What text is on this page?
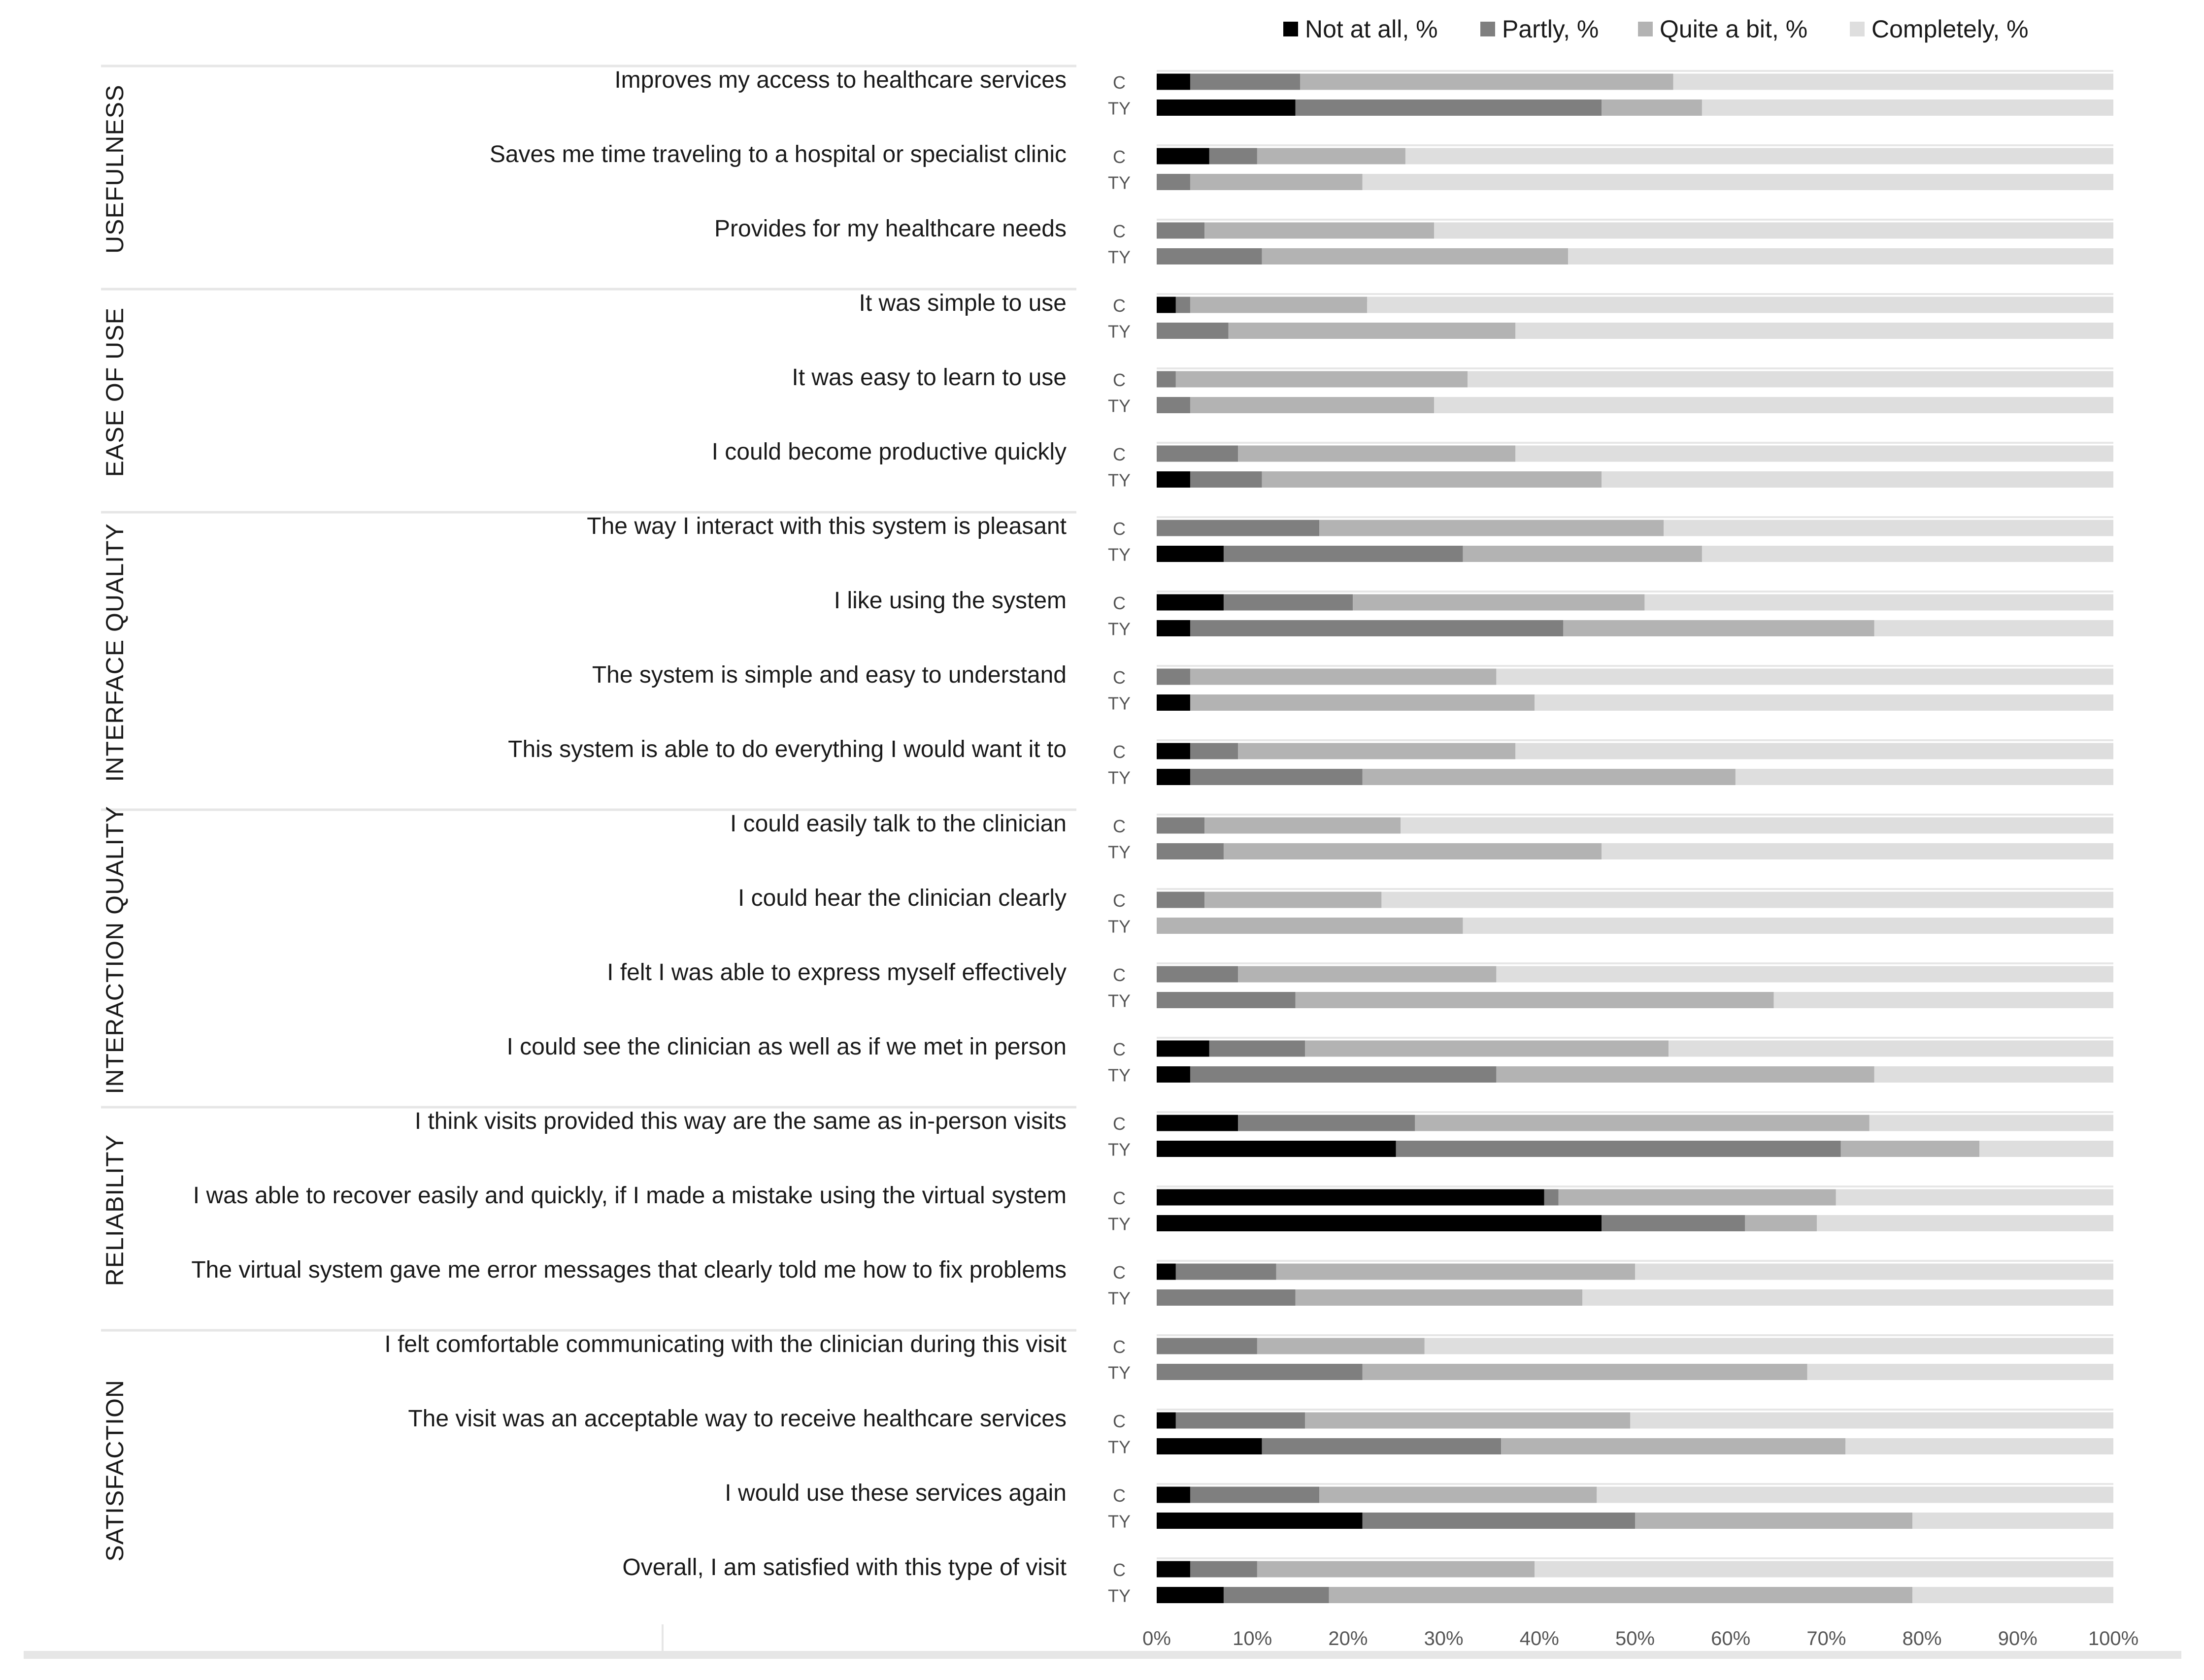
Not at all, %	Partly, % Quite a bit, %	Completely, %
USEFULNESS
EASE OF USE
INTERFACE QUALITY
INTERACTION QUALITY
RELIABILITY
SATISFACTION
Improves my access to healthcare services	C
TY
Saves me time traveling to a hospital or specialist clinic	C
TY
Provides for my healthcare needs	C
TY
It was simple to use	C
TY
It was easy to learn to use	C
TY
I could become productive quickly	C
TY
The way I interact with this system is pleasant	C
TY
I like using the system	C
TY
The system is simple and easy to understand	C
TY
This system is able to do everything I would want it to	C
TY
I could easily talk to the clinician	C
TY
I could hear the clinician clearly	C
TY
I felt I was able to express myself effectively	C
TY
I could see the clinician as well as if we met in person	C
TY
I think visits provided this way are the same as in-person visits	C
TY
I was able to recover easily and quickly, if I made a mistake using the virtual system	C
TY
The virtual system gave me error messages that clearly told me how to fix problems	C
TY
I felt comfortable communicating with the clinician during this visit	C
TY
The visit was an acceptable way to receive healthcare services	C
TY
I would use these services again	C
TY
Overall, I am satisfied with this type of visit	C
TY
0%	10%	20%	30%	40%	50%	60%	70%	80%	90%	100%
